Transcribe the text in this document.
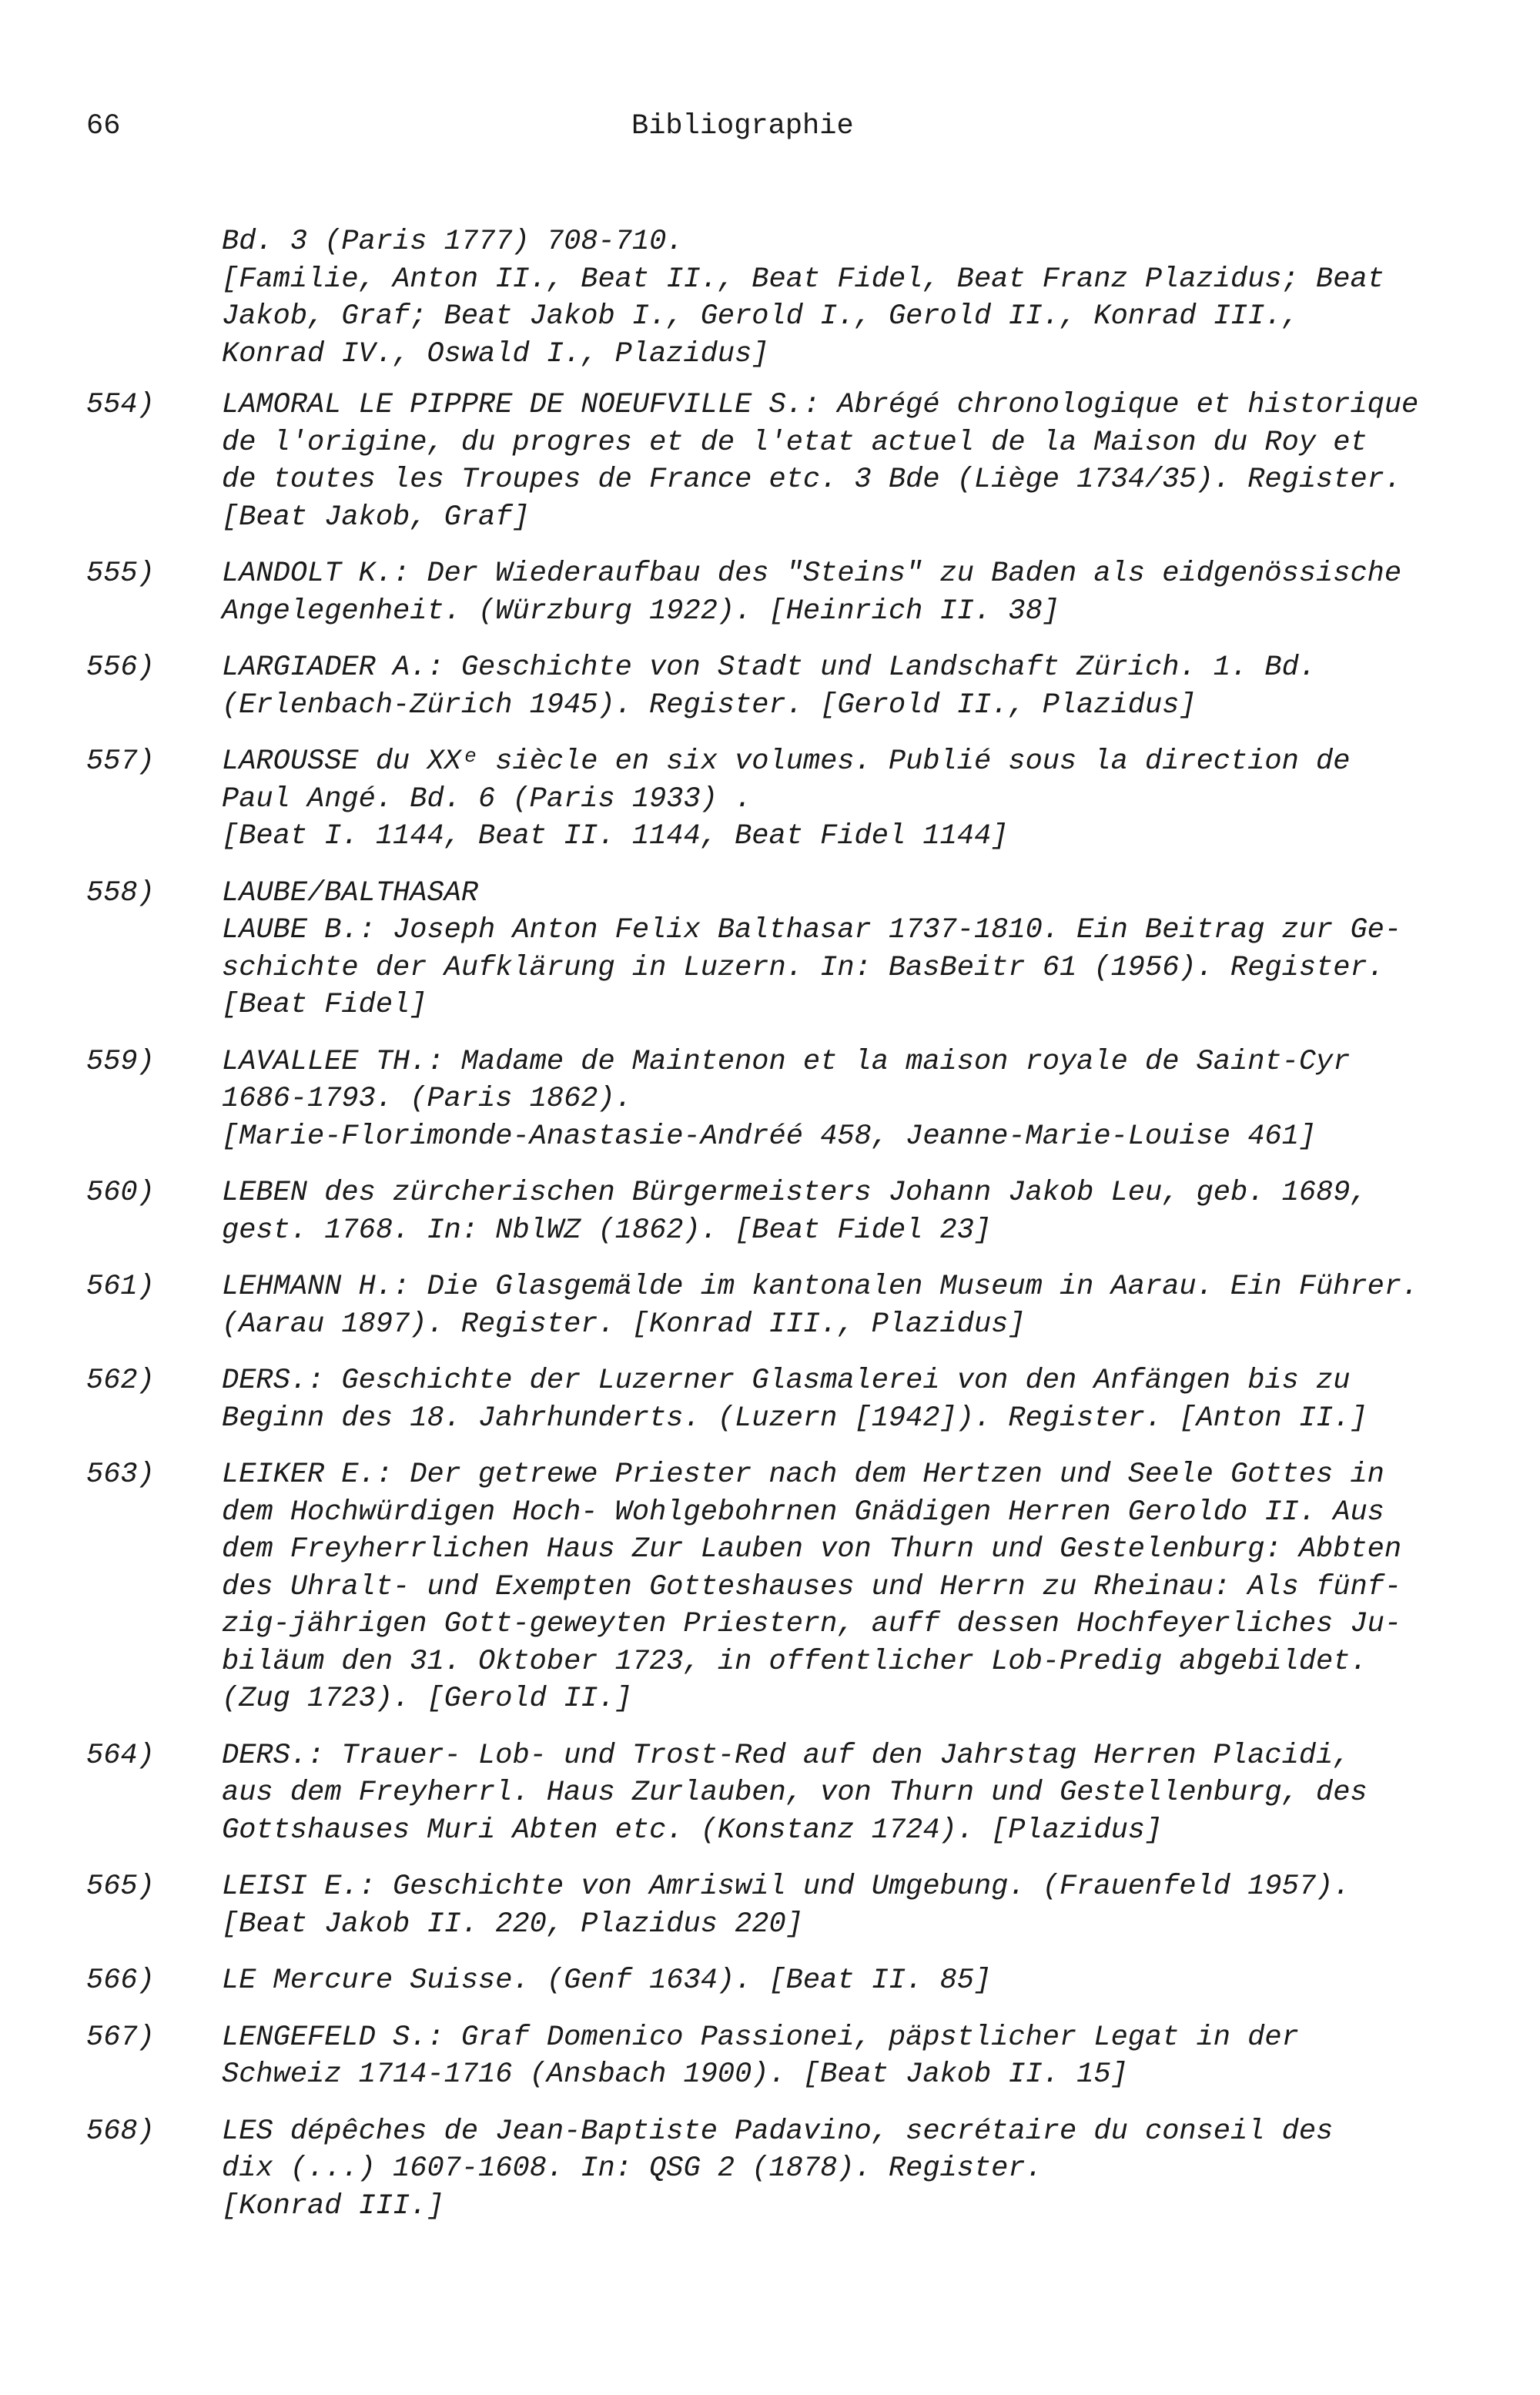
66	Bibliographie
Bd. 3 (Paris 1777) 708-710.
[Familie, Anton II., Beat II., Beat Fidel, Beat Franz Plazidus; Beat
Jakob, Graf; Beat Jakob I., Gerold I., Gerold II., Konrad III.,
Konrad IV., Oswald I., Plazidus]
554) LAMORAL LE PIPPRE DE NOEUFVILLE S.: Abrégé chronologique et historique
de l'origine, du progres et de l'etat actuel de la Maison du Roy et
de toutes les Troupes de France etc. 3 Bde (Liège 1734/35). Register.
[Beat Jakob, Graf]
555) LANDOLT K.: Der Wiederaufbau des "Steins" zu Baden als eidgenössische
Angelegenheit. (Würzburg 1922). [Heinrich II. 38]
556) LARGIADER A.: Geschichte von Stadt und Landschaft Zürich. 1. Bd.
(Erlenbach-Zürich 1945). Register. [Gerold II., Plazidus]
557) LAROUSSE du XXᵉ siècle en six volumes. Publié sous la direction de
Paul Angé. Bd. 6 (Paris 1933) .
[Beat I. 1144, Beat II. 1144, Beat Fidel 1144]
558) LAUBE/BALTHASAR
LAUBE B.: Joseph Anton Felix Balthasar 1737-1810. Ein Beitrag zur Ge-
schichte der Aufklärung in Luzern. In: BasBeitr 61 (1956). Register.
[Beat Fidel]
559) LAVALLEE TH.: Madame de Maintenon et la maison royale de Saint-Cyr
1686-1793. (Paris 1862).
[Marie-Florimonde-Anastasie-Andréé 458, Jeanne-Marie-Louise 461]
560) LEBEN des zürcherischen Bürgermeisters Johann Jakob Leu, geb. 1689,
gest. 1768. In: NblWZ (1862). [Beat Fidel 23]
561) LEHMANN H.: Die Glasgemälde im kantonalen Museum in Aarau. Ein Führer.
(Aarau 1897). Register. [Konrad III., Plazidus]
562) DERS.: Geschichte der Luzerner Glasmalerei von den Anfängen bis zu
Beginn des 18. Jahrhunderts. (Luzern [1942]). Register. [Anton II.]
563) LEIKER E.: Der getrewe Priester nach dem Hertzen und Seele Gottes in
dem Hochwürdigen Hoch- Wohlgebohrnen Gnädigen Herren Geroldo II. Aus
dem Freyherrlichen Haus Zur Lauben von Thurn und Gestelenburg: Abbten
des Uhralt- und Exempten Gotteshauses und Herrn zu Rheinau: Als fünf-
zig-jährigen Gott-geweyten Priestern, auff dessen Hochfeyerliches Ju-
biläum den 31. Oktober 1723, in offentlicher Lob-Predig abgebildet.
(Zug 1723). [Gerold II.]
564) DERS.: Trauer- Lob- und Trost-Red auf den Jahrstag Herren Placidi,
aus dem Freyherrl. Haus Zurlauben, von Thurn und Gestellenburg, des
Gottshauses Muri Abten etc. (Konstanz 1724). [Plazidus]
565) LEISI E.: Geschichte von Amriswil und Umgebung. (Frauenfeld 1957).
[Beat Jakob II. 220, Plazidus 220]
566) LE Mercure Suisse. (Genf 1634). [Beat II. 85]
567) LENGEFELD S.: Graf Domenico Passionei, päpstlicher Legat in der
Schweiz 1714-1716 (Ansbach 1900). [Beat Jakob II. 15]
568) LES dépêches de Jean-Baptiste Padavino, secrétaire du conseil des
dix (...) 1607-1608. In: QSG 2 (1878). Register.
[Konrad III.]
